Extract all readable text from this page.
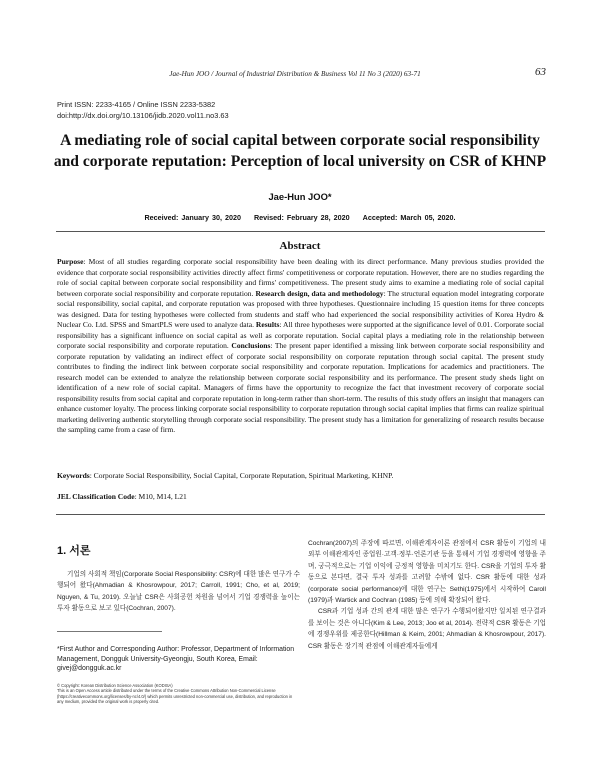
Jae-Hun JOO / Journal of Industrial Distribution & Business Vol 11 No 3 (2020) 63-71	63
Print ISSN: 2233-4165 / Online ISSN 2233-5382
doi:http://dx.doi.org/10.13106/jidb.2020.vol11.no3.63
A mediating role of social capital between corporate social responsibility and corporate reputation: Perception of local university on CSR of KHNP
Jae-Hun JOO*
Received: January 30, 2020 Revised: February 28, 2020 Accepted: March 05, 2020.
Abstract
Purpose: Most of all studies regarding corporate social responsibility have been dealing with its direct performance. Many previous studies provided the evidence that corporate social responsibility activities directly affect firms' competitiveness or corporate reputation. However, there are no studies regarding the role of social capital between corporate social responsibility and firms' competitiveness. The present study aims to examine a mediating role of social capital between corporate social responsibility and corporate reputation. Research design, data and methodology: The structural equation model integrating corporate social responsibility, social capital, and corporate reputation was proposed with three hypotheses. Questionnaire including 15 question items for three concepts was designed. Data for testing hypotheses were collected from students and staff who had experienced the social responsibility activities of Korea Hydro & Nuclear Co. Ltd. SPSS and SmartPLS were used to analyze data. Results: All three hypotheses were supported at the significance level of 0.01. Corporate social responsibility has a significant influence on social capital as well as corporate reputation. Social capital plays a mediating role in the relationship between corporate social responsibility and corporate reputation. Conclusions: The present paper identified a missing link between corporate social responsibility and corporate reputation by validating an indirect effect of corporate social responsibility on corporate reputation through social capital. The present study contributes to finding the indirect link between corporate social responsibility and corporate reputation. Implications for academics and practitioners. The research model can be extended to analyze the relationship between corporate social responsibility and its performance. The present study sheds light on identification of a new role of social capital. Managers of firms have the opportunity to recognize the fact that investment recovery of corporate social responsibility results from social capital and corporate reputation in long-term rather than short-term. The results of this study offers an insight that managers can enhance customer loyalty. The process linking corporate social responsibility to corporate reputation through social capital implies that firms can realize spiritual marketing delivering authentic storytelling through corporate social responsibility. The present study has a limitation for generalizing of research results because the sampling came from a case of firm.
Keywords: Corporate Social Responsibility, Social Capital, Corporate Reputation, Spiritual Marketing, KHNP.
JEL Classification Code: M10, M14, L21
1. 서론

기업의 사회적 책임(Corporate Social Responsibility: CSR)에 대한 많은 연구가 수행되어 왔다(Ahmadian & Khosrowpour, 2017; Carroll, 1991; Cho, et al, 2019; Nguyen, & Tu, 2019). 오늘날 CSR은 사회공헌 차원을 넘어서 기업 경쟁력을 높이는 투자 활동으로 보고 있다(Cochran, 2007).

Cochran(2007)의 주장에 따르면, 이해관계자이론 관점에서 CSR 활동이 기업의 내외부 이해관계자인 종업원·고객·정부·언론기관 등을 통해서 기업 경쟁력에 영향을 주며, 궁극적으로는 기업 이익에 긍정적 영향을 미치기도 한다. CSR을 기업의 투자 활동으로 본다면, 결국 투자 성과를 고려할 수밖에 없다. CSR 활동에 대한 성과(corporate social performance)에 대한 연구는 Sethi(1975)에서 시작하여 Caroll (1979)과 Wartick and Cochran (1985) 등에 의해 확장되어 왔다.

CSR과 기업 성과 간의 관계 대한 많은 연구가 수행되어왔지만 일치된 연구결과를 보이는 것은 아니다(Kim & Lee, 2013; Joo et al, 2014). 전략적 CSR 활동은 기업에 경쟁우위를 제공한다(Hillman & Keim, 2001; Ahmadian & Khosrowpour, 2017). CSR 활동은 장기적 관점에 이해관계자들에게

*First Author and Corresponding Author: Professor, Department of Information Management, Dongguk University-Gyeongju, South Korea, Email: givej@dongguk.ac.kr
© Copyright: Korean Distribution Science Association (KODISA)
This is an Open Access article distributed under the terms of the Creative Commons Attribution Non-Commercial License (https://creativecommons.org/licenses/by-nc/4.0/) which permits unrestricted non-commercial use, distribution, and reproduction in any medium, provided the original work is properly cited.
